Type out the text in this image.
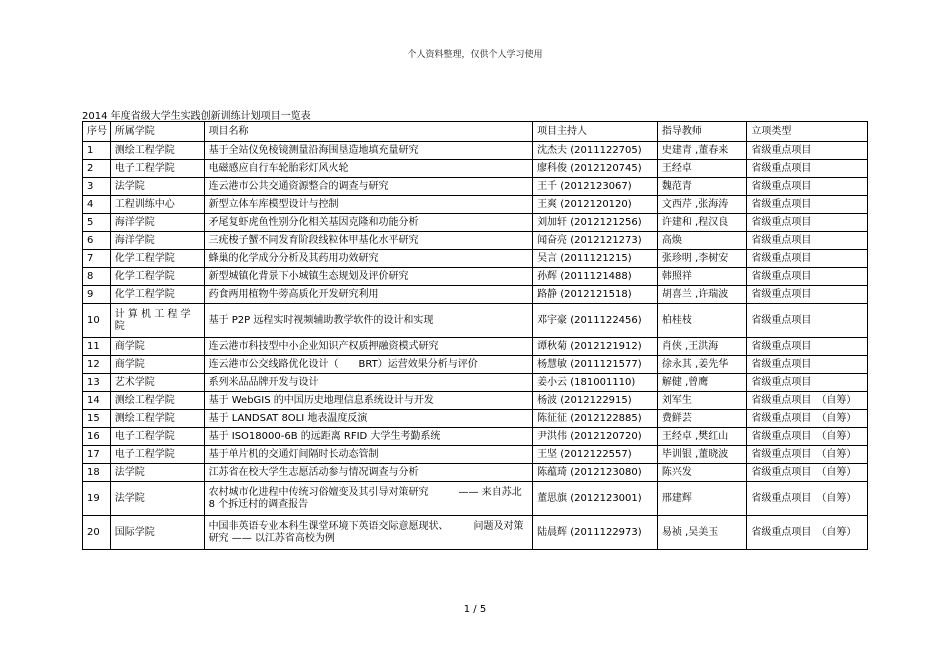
个人资料整理，仅供个人学习使用
2014 年度省级大学生实践创新训练计划项目一览表
序号	所属学院	项目名称	项目主持人	指导教师	立项类型
1	测绘工程学院	基于全站仪免棱镜测量沿海围垦造地填充量研究	沈杰夫 (2011122705)	史建青 ,董春来	省级重点项目
2	电子工程学院	电磁感应自行车轮胎彩灯风火轮	廖科俊 (2012120745)	王经卓	省级重点项目
3	法学院	连云港市公共交通资源整合的调查与研究	王千 (2012123067)	魏范青	省级重点项目
4	工程训练中心	新型立体车库模型设计与控制	王爽 (2012120120)	文西芹 ,张海涛	省级重点项目
5	海洋学院	矛尾复虾虎鱼性别分化相关基因克隆和功能分析	刘加轩 (2012121256)	许建和 ,程汉良	省级重点项目
6	海洋学院	三疣梭子蟹不同发育阶段线粒体甲基化水平研究	闻奋亮 (2012121273)	高焕	省级重点项目
7	化学工程学院	蜂巢的化学成分分析及其药用功效研究	吴言 (2011121215)	张珍明 ,李树安	省级重点项目
8	化学工程学院	新型城镇化背景下小城镇生态规划及评价研究	孙辉 (2011121488)	韩照祥	省级重点项目
9	化学工程学院	药食两用植物牛蒡高质化开发研究利用	路静 (2012121518)	胡喜兰 ,许瑞波	省级重点项目
10	计 算 机 工 程 学 院	基于 P2P 远程实时视频辅助教学软件的设计和实现	邓宇豪 (2011122456)	柏桂枝	省级重点项目
11	商学院	连云港市科技型中小企业知识产权质押融资模式研究	谭秋菊 (2012121912)	肖侠 ,王洪海	省级重点项目
12	商学院	连云港市公交线路优化设计（　　BRT）运营效果分析与评价	杨慧敏 (2011121577)	徐永其 ,姜先华	省级重点项目
13	艺术学院	系列米品品牌开发与设计	姜小云 (181001110)	解健 ,曾鹰	省级重点项目
14	测绘工程学院	基于 WebGIS 的中国历史地理信息系统设计与开发	杨波 (2012122915)	刘军生	省级重点项目　（自筹）
15	测绘工程学院	基于 LANDSAT 8OLI 地表温度反演	陈征征 (2012122885)	费鲜芸	省级重点项目　（自筹）
16	电子工程学院	基于 ISO18000-6B 的远距离 RFID 大学生考勤系统	尹洪伟 (2012120720)	王经卓 ,樊红山	省级重点项目　（自筹）
17	电子工程学院	基于单片机的交通灯间隔时长动态管制	王坚 (2012122557)	毕训银 ,董晓波	省级重点项目　（自筹）
18	法学院	江苏省在校大学生志愿活动参与情况调查与分析	陈蕴琦 (2012123080)	陈兴发	省级重点项目　（自筹）
19	法学院	农村城市化进程中传统习俗嬗变及其引导对策研究　　　—— 来自苏北 8 个拆迁村的调查报告	董思旗 (2012123001)	邢建辉	省级重点项目　（自筹）
20	国际学院	中国非英语专业本科生课堂环境下英语交际意愿现状、　　　问题及对策研究 —— 以江苏省高校为例	陆晨辉 (2011122973)	易祯 ,吴美玉	省级重点项目　（自筹）
1 / 5
